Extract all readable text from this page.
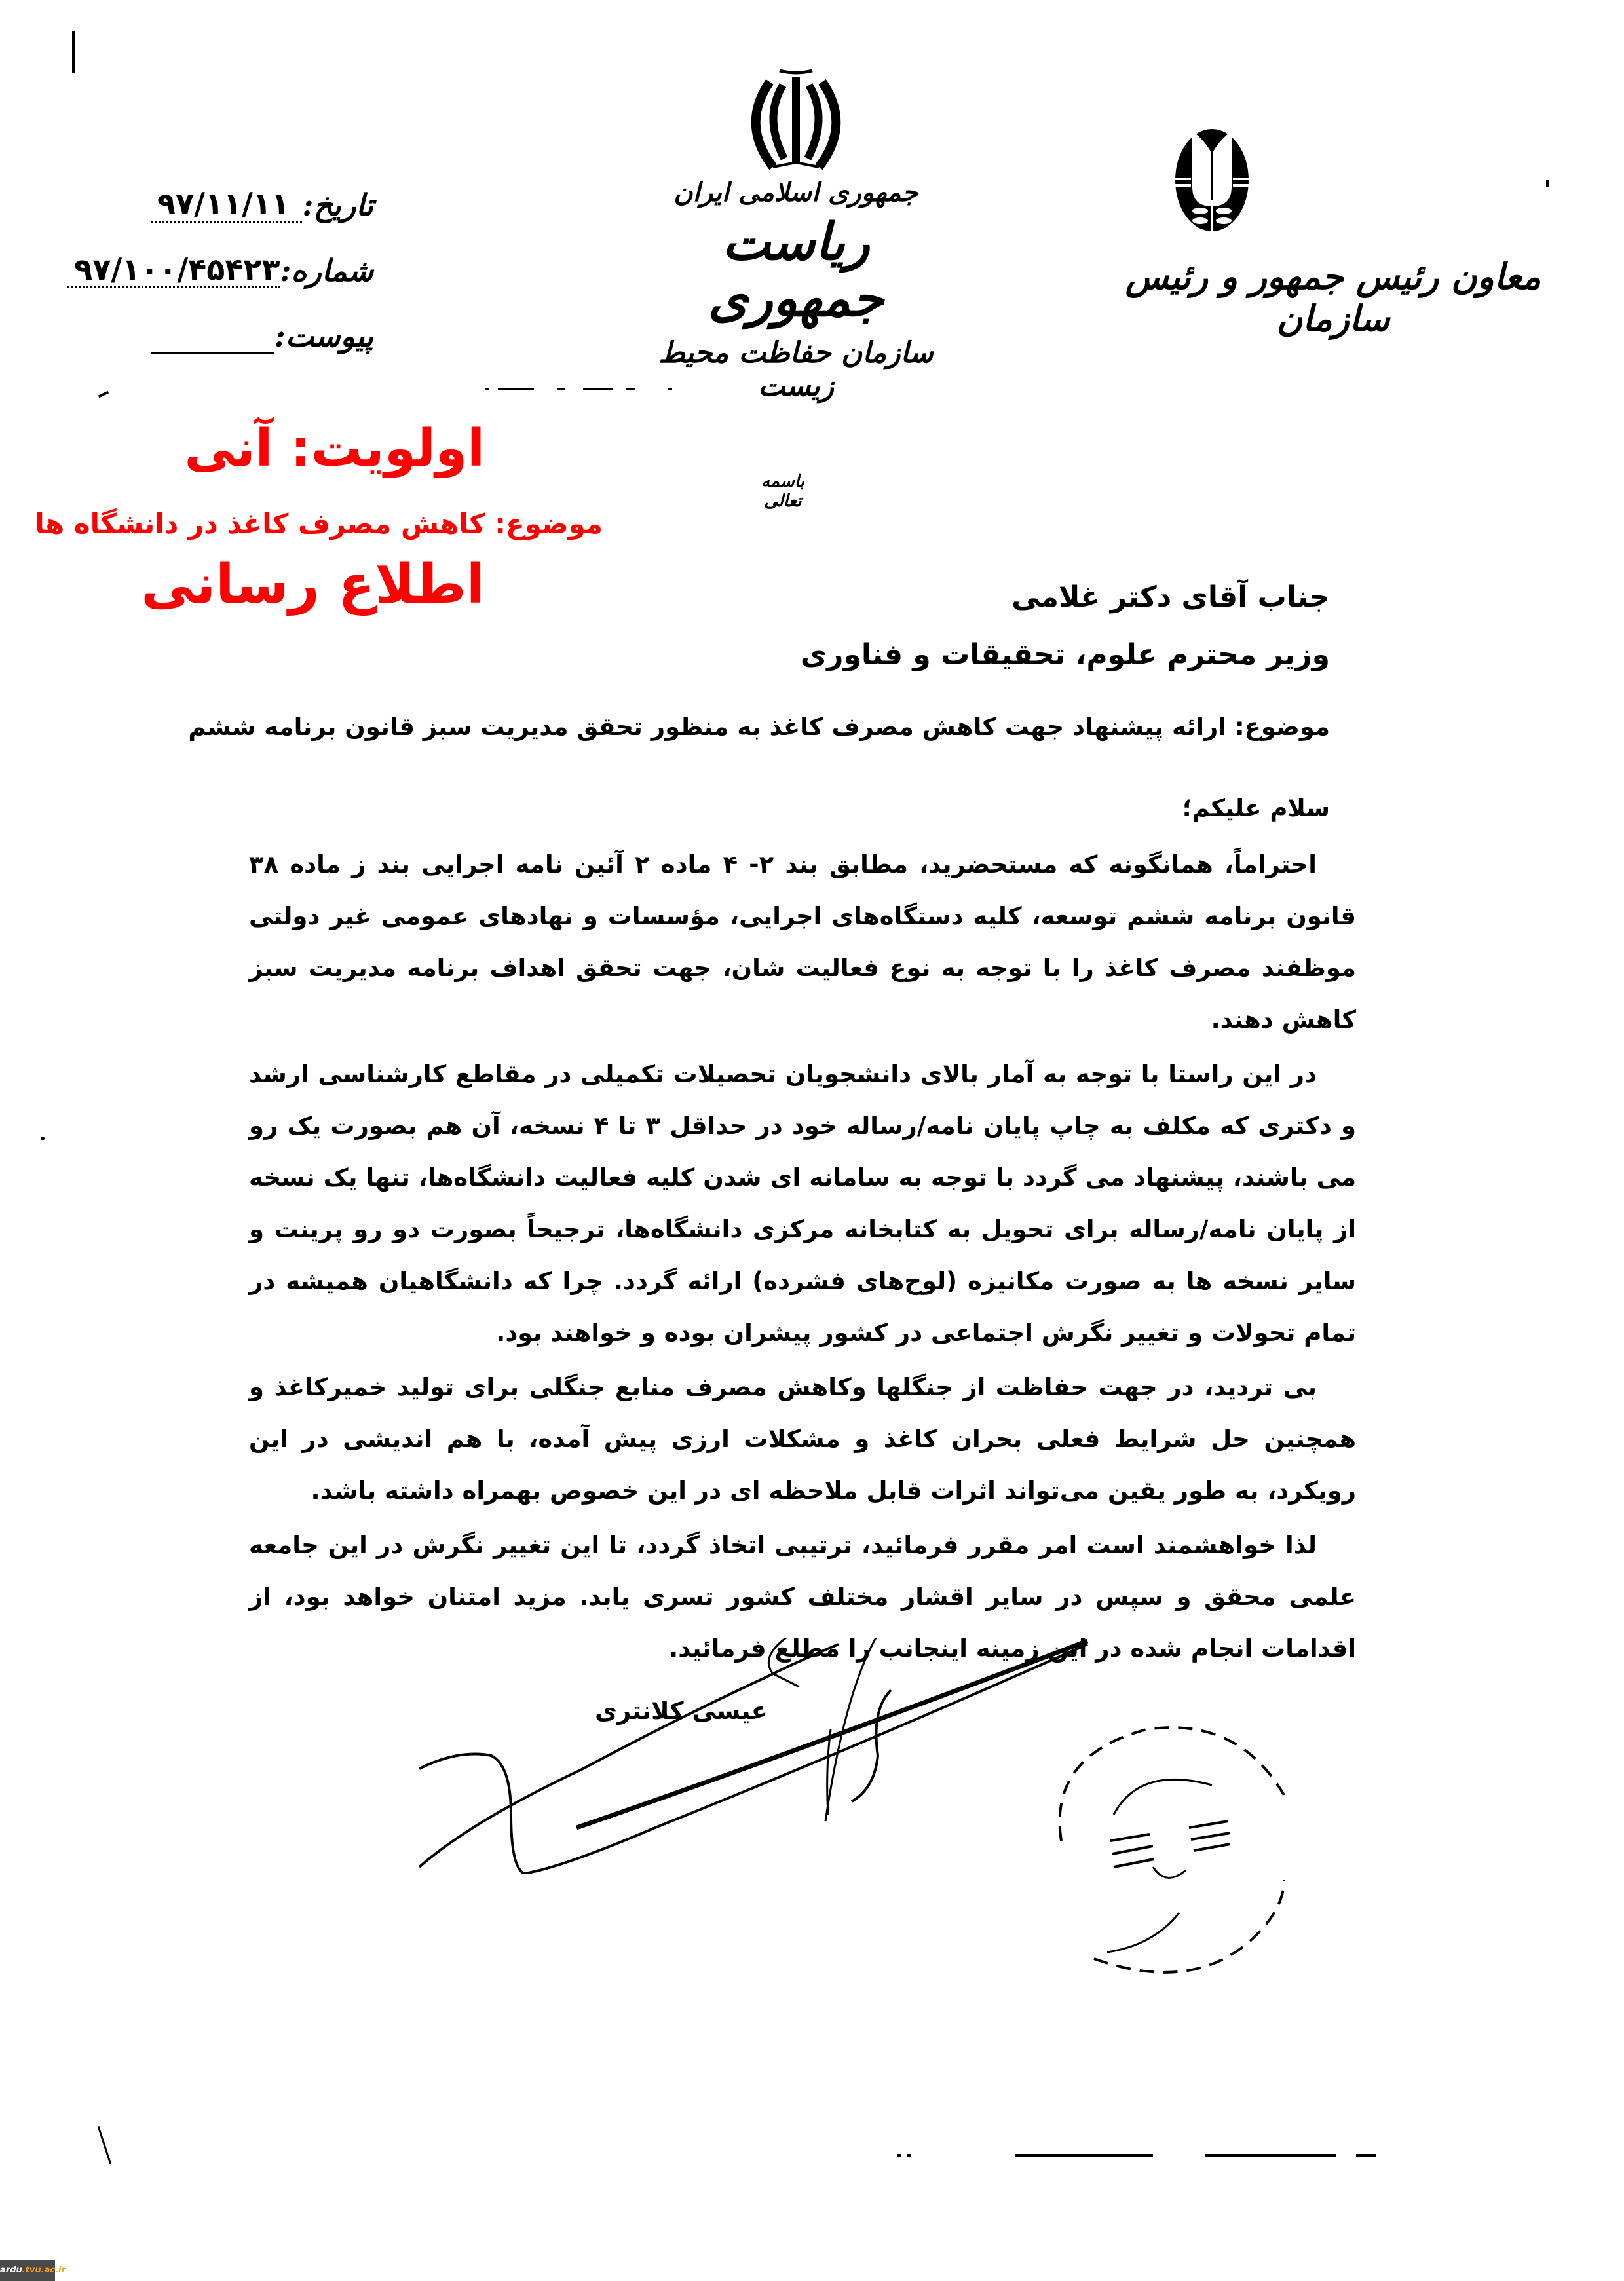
تاریخ:
۹۷/۱۱/۱۱
شماره:
۹۷/۱۰۰/۴۵۴۲۳
پیوست:
جمهوری اسلامی ایران
ریاست جمهوری
سازمان حفاظت محیط زیست
معاون رئیس جمهور و رئیس سازمان
باسمه تعالی
اولویت: آنی
موضوع: کاهش مصرف کاغذ در دانشگاه ها
اطلاع رسانی	جناب آقای دکتر غلامی
وزیر محترم علوم، تحقیقات و فناوری
موضوع: ارائه پیشنهاد جهت کاهش مصرف کاغذ به منظور تحقق مدیریت سبز قانون برنامه ششم
سلام علیکم؛

احتراماً، همانگونه که مستحضرید، مطابق بند ۲- ۴ ماده ۲ آئین نامه اجرایی بند ز ماده ۳۸ قانون برنامه ششم توسعه، کلیه دستگاه‌های اجرایی، مؤسسات و نهادهای عمومی غیر دولتی موظفند مصرف کاغذ را با توجه به نوع فعالیت شان، جهت تحقق اهداف برنامه مدیریت سبز کاهش دهند.

در این راستا با توجه به آمار بالای دانشجویان تحصیلات تکمیلی در مقاطع کارشناسی ارشد و دکتری که مکلف به چاپ پایان نامه/رساله خود در حداقل ۳ تا ۴ نسخه، آن هم بصورت یک رو می باشند، پیشنهاد می گردد با توجه به سامانه ای شدن کلیه فعالیت دانشگاه‌ها، تنها یک نسخه از پایان نامه/رساله برای تحویل به کتابخانه مرکزی دانشگاه‌ها، ترجیحاً بصورت دو رو پرینت و سایر نسخه ها به صورت مکانیزه (لوح‌های فشرده) ارائه گردد. چرا که دانشگاهیان همیشه در تمام تحولات و تغییر نگرش اجتماعی در کشور پیشران بوده و خواهند بود.

بی تردید، در جهت حفاظت از جنگلها وکاهش مصرف منابع جنگلی برای تولید خمیرکاغذ و همچنین حل شرایط فعلی بحران کاغذ و مشکلات ارزی پیش آمده، با هم اندیشی در این رویکرد، به طور یقین می‌تواند اثرات قابل ملاحظه ای در این خصوص بهمراه داشته باشد.

لذا خواهشمند است امر مقرر فرمائید، ترتیبی اتخاذ گردد، تا این تغییر نگرش در این جامعه علمی محقق و سپس در سایر اقشار مختلف کشور تسری یابد. مزید امتنان خواهد بود، از اقدامات انجام شده در این زمینه اینجانب را مطلع فرمائید.

عیسی کلانتری
ardu.tvu.ac.ir
